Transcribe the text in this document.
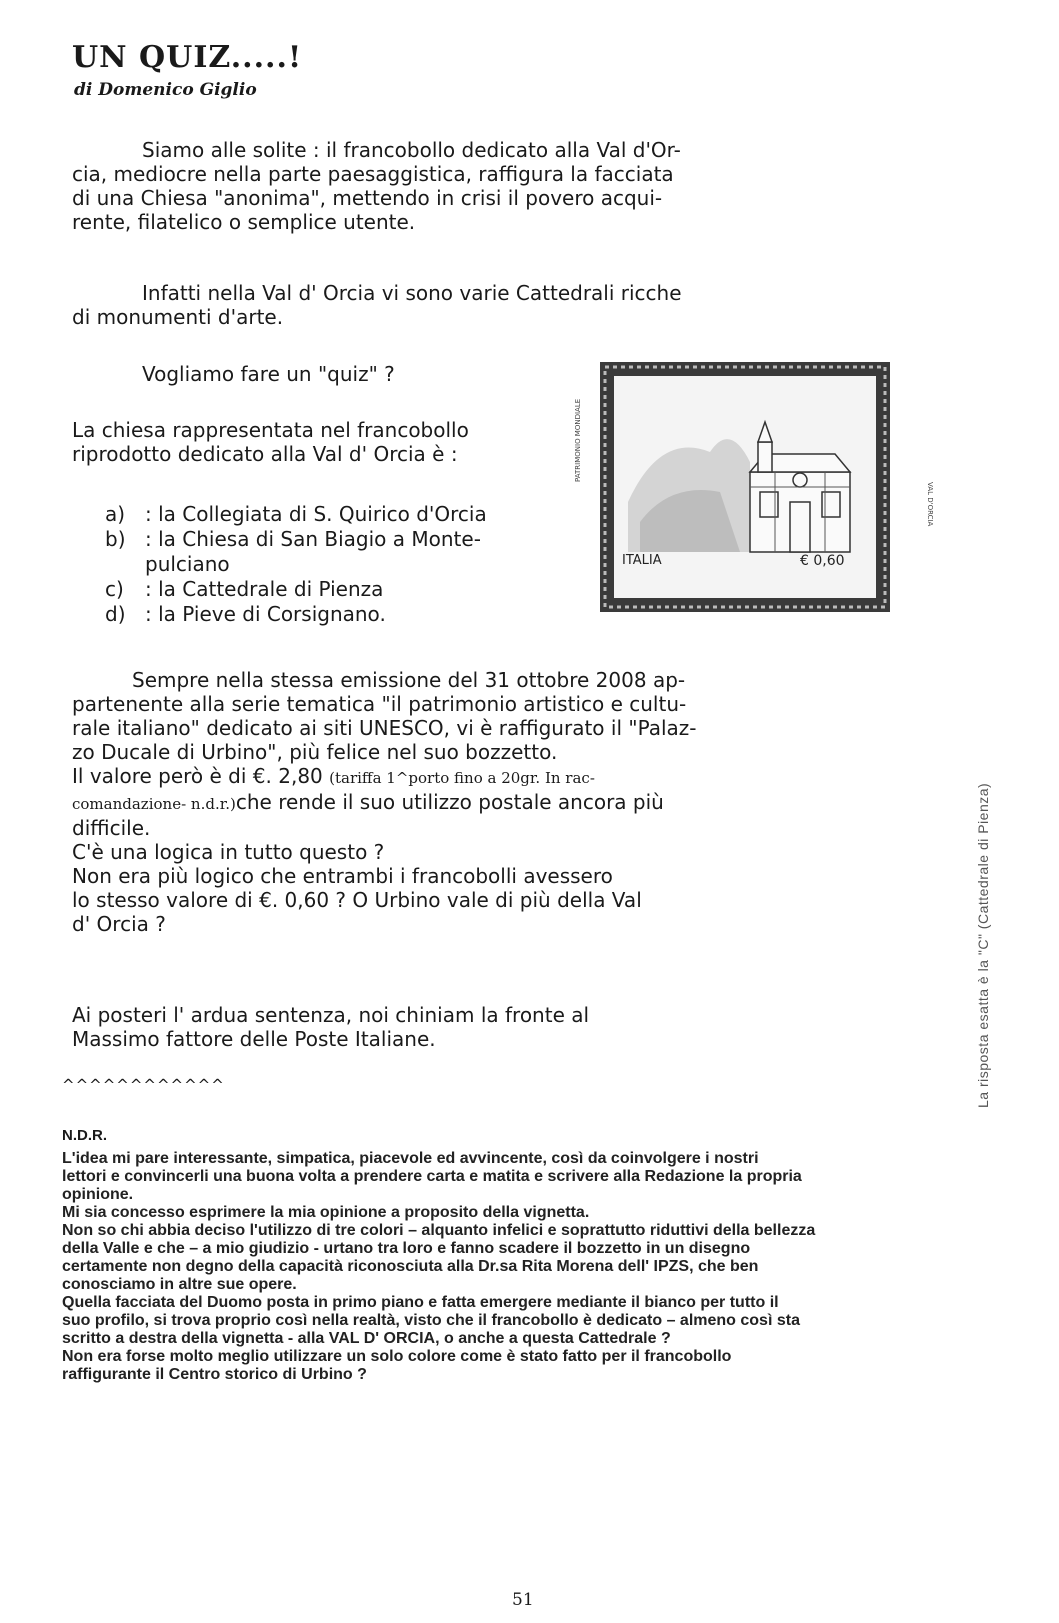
UN QUIZ.....!
di Domenico Giglio

Siamo alle solite : il francobollo dedicato alla Val d'Or-
cia, mediocre nella parte paesaggistica, raffigura la facciata
di una Chiesa "anonima", mettendo in crisi il povero acqui-
rente, filatelico o semplice utente.

Infatti nella Val d' Orcia vi sono varie Cattedrali ricche
di monumenti d'arte.

Vogliamo fare un "quiz" ?

La chiesa rappresentata nel francobollo
riprodotto dedicato alla Val d' Orcia è :

a) : la Collegiata di S. Quirico d'Orcia
b) : la Chiesa di San Biagio a Monte-
pulciano
c)	: la Cattedrale di Pienza
d) : la Pieve di Corsignano.
PATRIMONIO MONDIALE
VAL D'ORCIA
ITALIA	€ 0,60

Sempre nella stessa emissione del 31 ottobre 2008 ap-
partenente alla serie tematica "il patrimonio artistico e cultu-
rale italiano" dedicato ai siti UNESCO, vi è raffigurato il "Palaz-
zo Ducale di Urbino", più felice nel suo bozzetto.
Il valore però è di €. 2,80 (tariffa 1^porto fino a 20gr. In rac-
comandazione- n.d.r.)che rende il suo utilizzo postale ancora più
difficile.
C'è una logica in tutto questo ?
Non era più logico che entrambi i francobolli avessero
lo stesso valore di €. 0,60 ? O Urbino vale di più della Val
d' Orcia ?

Ai posteri l' ardua sentenza, noi chiniam la fronte al
Massimo fattore delle Poste Italiane.

^^^^^^^^^^^^
N.D.R.

L'idea mi pare interessante, simpatica, piacevole ed avvincente, così da coinvolgere i nostri
lettori e convincerli una buona volta a prendere carta e matita e scrivere alla Redazione la propria
opinione.
Mi sia concesso esprimere la mia opinione a proposito della vignetta.
Non so chi abbia deciso l'utilizzo di tre colori – alquanto infelici e soprattutto riduttivi della bellezza
della Valle e che – a mio giudizio - urtano tra loro e fanno scadere il bozzetto in un disegno
certamente non degno della capacità riconosciuta alla Dr.sa Rita Morena dell' IPZS, che ben
conosciamo in altre sue opere.
Quella facciata del Duomo posta in primo piano e fatta emergere mediante il bianco per tutto il
suo profilo, si trova proprio così nella realtà, visto che il francobollo è dedicato – almeno così sta
scritto a destra della vignetta - alla VAL D' ORCIA, o anche a questa Cattedrale ?
Non era forse molto meglio utilizzare un solo colore come è stato fatto per il francobollo
raffigurante il Centro storico di Urbino ?

La risposta esatta è la "C" (Cattedrale di Pienza)
51
